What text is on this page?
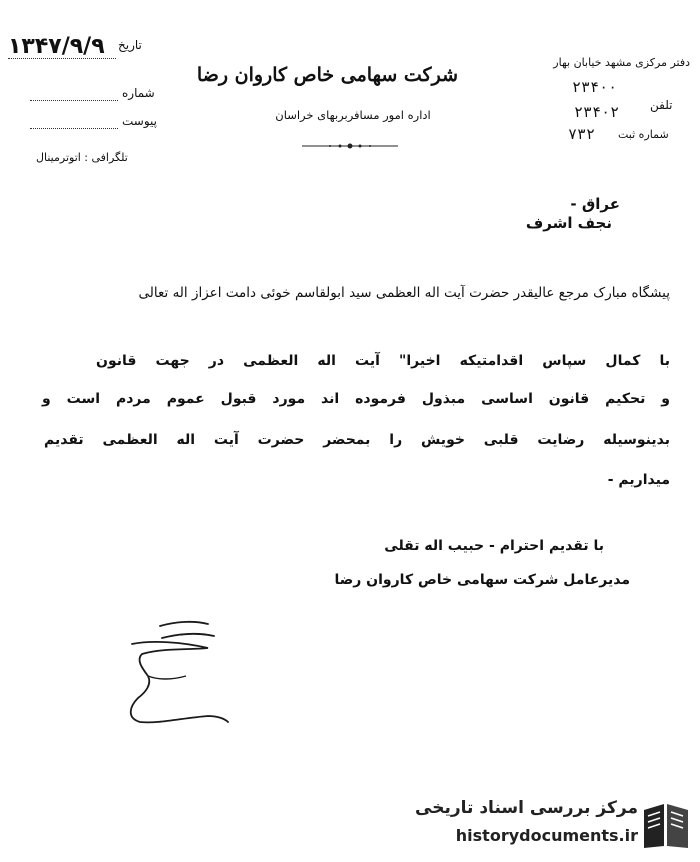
۱۳۴۷/۹/۹ تاریخ
شماره
پیوست
تلگرافی : اتوترمینال
شرکت سهامی خاص کاروان رضا
اداره امور مسافربربهای خراسان
دفتر مرکزی مشهد خیابان بهار
تلفن
۲۳۴۰۰
۲۳۴۰۲
شماره ثبت
۷۳۲
عراق -
نجف اشرف
پیشگاه مبارک مرجع عالیقدر حضرت آیت اله العظمی سید ابولقاسم خوئی دامت اعزاز اله تعالی
با کمال سپاس اقدامتیکه اخیرا" آیت اله العظمی در جهت قانون
و تحکیم قانون اساسی مبذول فرموده اند مورد قبول عموم مردم است و
بدینوسیله رضایت قلبی خویش را بمحضر حضرت آیت اله العظمی تقدیم
میداریم -
با تقدیم احترام - حبیب اله تقلی
مدیرعامل شرکت سهامی خاص کاروان رضا
مرکز بررسی اسناد تاریخی
historydocuments.ir
